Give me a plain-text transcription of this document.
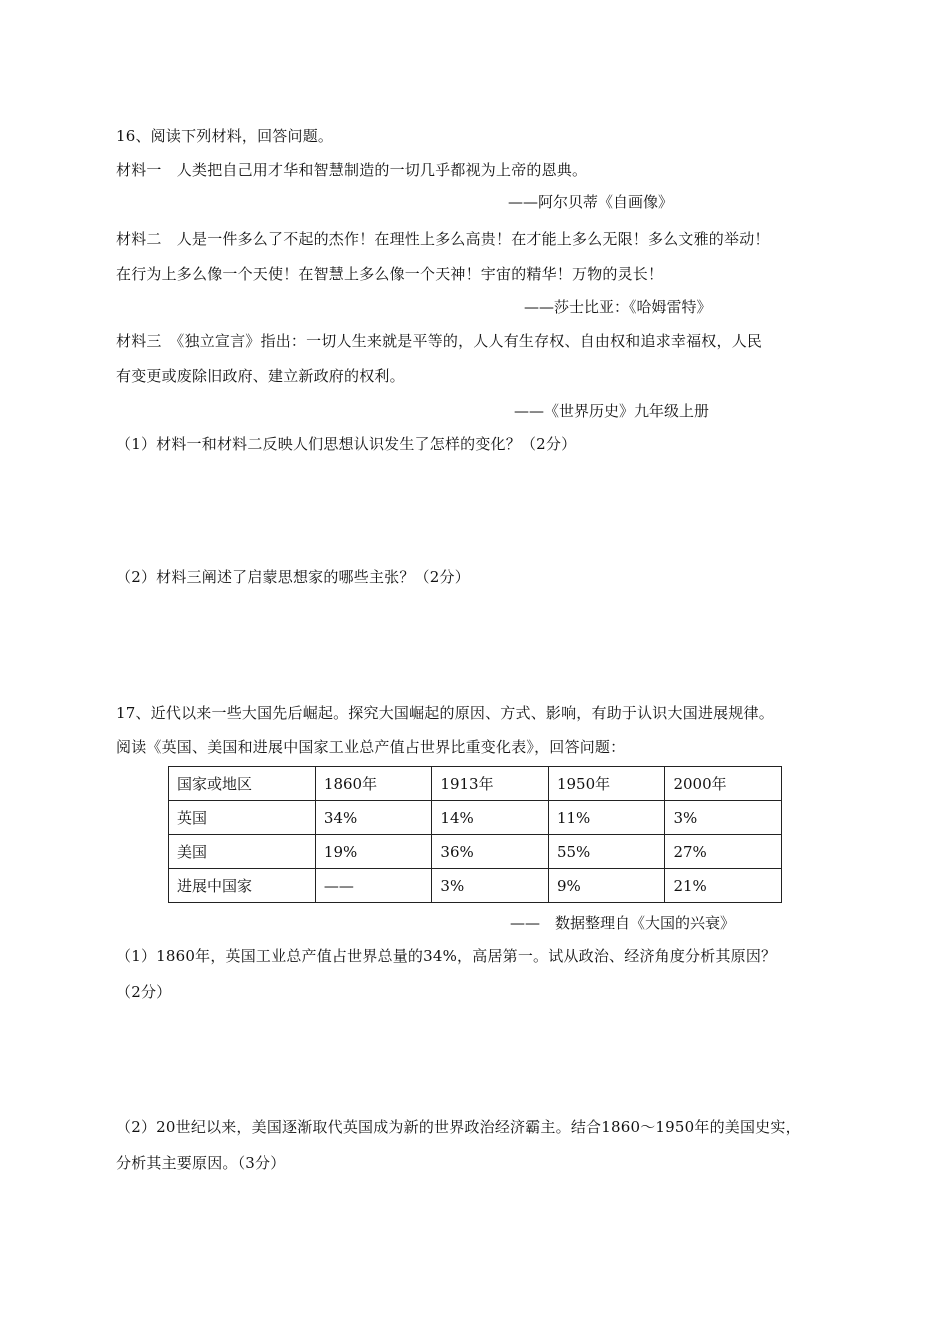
16、阅读下列材料，回答问题。
材料一　人类把自己用才华和智慧制造的一切几乎都视为上帝的恩典。
——阿尔贝蒂《自画像》
材料二　人是一件多么了不起的杰作！在理性上多么高贵！在才能上多么无限！多么文雅的举动！
在行为上多么像一个天使！在智慧上多么像一个天神！宇宙的精华！万物的灵长！
——莎士比亚：《哈姆雷特》
材料三　《独立宣言》指出：一切人生来就是平等的，人人有生存权、自由权和追求幸福权，人民
有变更或废除旧政府、建立新政府的权利。
——《世界历史》九年级上册
（1）材料一和材料二反映人们思想认识发生了怎样的变化？（2分）
（2）材料三阐述了启蒙思想家的哪些主张？（2分）
17、近代以来一些大国先后崛起。探究大国崛起的原因、方式、影响，有助于认识大国进展规律。
阅读《英国、美国和进展中国家工业总产值占世界比重变化表》，回答问题：
国家或地区	1860年	1913年	1950年	2000年
英国	34%	14%	11%	3%
美国	19%	36%	55%	27%
进展中国家	——	3%	9%	21%
——　数据整理自《大国的兴衰》
（1）1860年，英国工业总产值占世界总量的34%，高居第一。试从政治、经济角度分析其原因？
（2分）
（2）20世纪以来，美国逐渐取代英国成为新的世界政治经济霸主。结合1860～1950年的美国史实，
分析其主要原因。（3分）
